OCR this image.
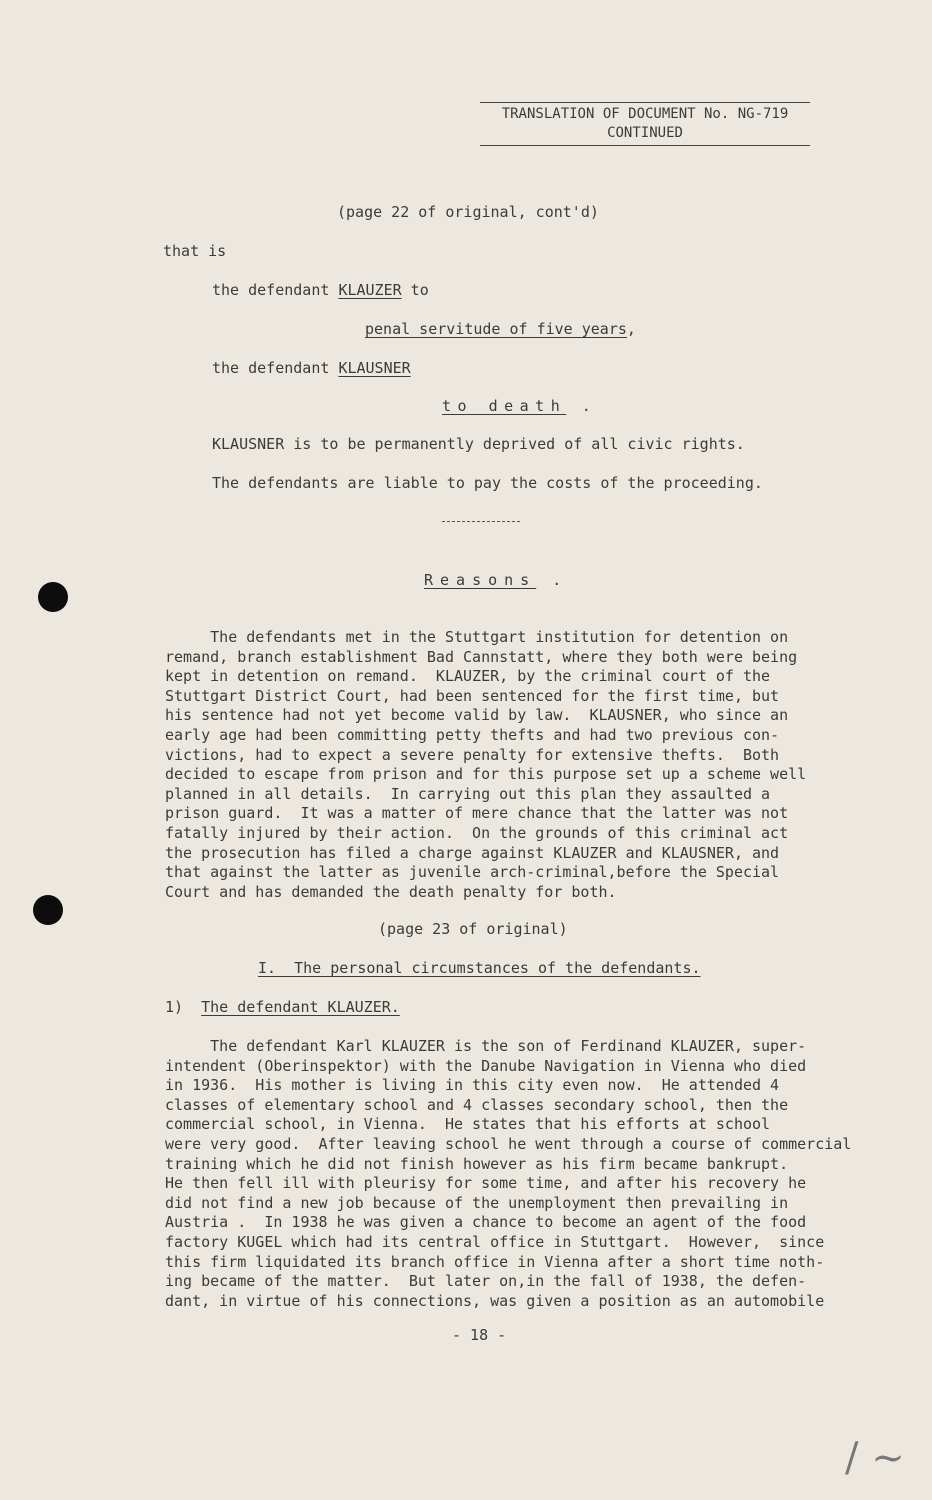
TRANSLATION OF DOCUMENT No. NG-719
CONTINUED
(page 22 of original, cont'd)
that is
the defendant KLAUZER to
penal servitude of five years,
the defendant KLAUSNER
to death .
KLAUSNER is to be permanently deprived of all civic rights.
The defendants are liable to pay the costs of the proceeding.
Reasons .
The defendants met in the Stuttgart institution for detention on
remand, branch establishment Bad Cannstatt, where they both were being
kept in detention on remand.  KLAUZER, by the criminal court of the
Stuttgart District Court, had been sentenced for the first time, but
his sentence had not yet become valid by law.  KLAUSNER, who since an
early age had been committing petty thefts and had two previous con-
victions, had to expect a severe penalty for extensive thefts.  Both
decided to escape from prison and for this purpose set up a scheme well
planned in all details.  In carrying out this plan they assaulted a
prison guard.  It was a matter of mere chance that the latter was not
fatally injured by their action.  On the grounds of this criminal act
the prosecution has filed a charge against KLAUZER and KLAUSNER, and
that against the latter as juvenile arch-criminal,before the Special
Court and has demanded the death penalty for both.
(page 23 of original)
I.  The personal circumstances of the defendants.
1)  The defendant KLAUZER.
The defendant Karl KLAUZER is the son of Ferdinand KLAUZER, super-
intendent (Oberinspektor) with the Danube Navigation in Vienna who died
in 1936.  His mother is living in this city even now.  He attended 4
classes of elementary school and 4 classes secondary school, then the
commercial school, in Vienna.  He states that his efforts at school
were very good.  After leaving school he went through a course of commercial
training which he did not finish however as his firm became bankrupt.
He then fell ill with pleurisy for some time, and after his recovery he
did not find a new job because of the unemployment then prevailing in
Austria .  In 1938 he was given a chance to become an agent of the food
factory KUGEL which had its central office in Stuttgart.  However,  since
this firm liquidated its branch office in Vienna after a short time noth-
ing became of the matter.  But later on,in the fall of 1938, the defen-
dant, in virtue of his connections, was given a position as an automobile
- 18 -
/ ~
